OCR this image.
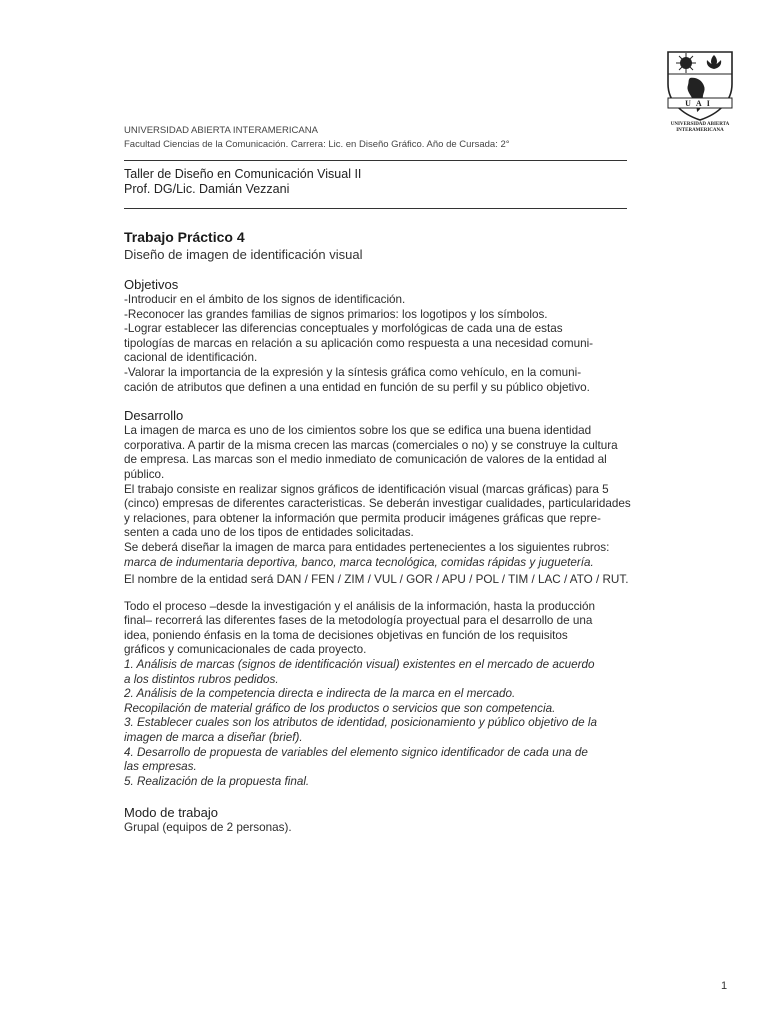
UAI
UNIVERSIDAD ABIERTA
INTERAMERICANA
UNIVERSIDAD ABIERTA INTERAMERICANA
Facultad Ciencias de la Comunicación. Carrera: Lic. en Diseño Gráfico. Año de Cursada: 2°
Taller de Diseño en Comunicación Visual II
Prof. DG/Lic. Damián Vezzani
Trabajo Práctico 4
Diseño de imagen de identificación visual
Objetivos
-Introducir en el ámbito de los signos de identificación.
-Reconocer las grandes familias de signos primarios: los logotipos y los símbolos.
-Lograr establecer las diferencias conceptuales y morfológicas de cada una de estas
tipologías de marcas en relación a su aplicación como respuesta a una necesidad comuni-
cacional de identificación.
-Valorar la importancia de la expresión y la síntesis gráfica como vehículo, en la comuni-
cación de atributos que definen a una entidad en función de su perfil y su público objetivo.
Desarrollo
La imagen de marca es uno de los cimientos sobre los que se edifica una buena identidad
corporativa. A partir de la misma crecen las marcas (comerciales o no) y se construye la cultura
de empresa. Las marcas son el medio inmediato de comunicación de valores de la entidad al
público.
El trabajo consiste en realizar signos gráficos de identificación visual (marcas gráficas) para 5
(cinco) empresas de diferentes caracteristicas. Se deberán investigar cualidades, particularidades
y relaciones, para obtener la información que permita producir imágenes gráficas que repre-
senten a cada uno de los tipos de entidades solicitadas.
Se deberá diseñar la imagen de marca para entidades pertenecientes a los siguientes rubros:
marca de indumentaria deportiva, banco, marca tecnológica, comidas rápidas y juguetería.
El nombre de la entidad será DAN / FEN / ZIM / VUL / GOR / APU / POL / TIM / LAC / ATO / RUT.
Todo el proceso –desde la investigación y el análisis de la información, hasta la producción
final– recorrerá las diferentes fases de la metodología proyectual para el desarrollo de una
idea, poniendo énfasis en la toma de decisiones objetivas en función de los requisitos
gráficos y comunicacionales de cada proyecto.
1. Análisis de marcas (signos de identificación visual) existentes en el mercado de acuerdo
a los distintos rubros pedidos.
2. Análisis de la competencia directa e indirecta de la marca en el mercado.
Recopilación de material gráfico de los productos o servicios que son competencia.
3. Establecer cuales son los atributos de identidad, posicionamiento y público objetivo de la
imagen de marca a diseñar (brief).
4. Desarrollo de propuesta de variables del elemento signico identificador de cada una de
las empresas.
5. Realización de la propuesta final.
Modo de trabajo
Grupal (equipos de 2 personas).
1
